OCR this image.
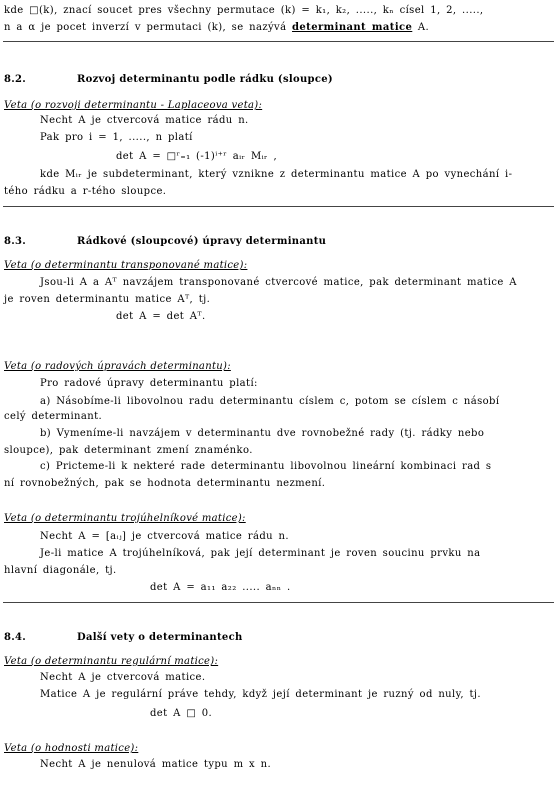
kde □(k), znací soucet pres všechny permutace (k) = k₁, k₂, ....., kₙ císel 1, 2, .....,
n a α je pocet inverzí v permutaci (k), se nazývá determinant matice A.
8.2.	Rozvoj determinantu podle rádku (sloupce)
Veta (o rozvoji determinantu - Laplaceova veta):
Necht A je ctvercová matice rádu n.
Pak pro i = 1, ....., n platí
det A = □ʳ₌₁ (-1)ⁱ⁺ʳ aᵢᵣ Mᵢᵣ ,
kde Mᵢᵣ je subdeterminant, který vznikne z determinantu matice A po vynechání i-
tého rádku a r-tého sloupce.
8.3.	Rádkové (sloupcové) úpravy determinantu
Veta (o determinantu transponované matice):
Jsou-li A a Aᵀ navzájem transponované ctvercové matice, pak determinant matice A
je roven determinantu matice Aᵀ, tj.
det A = det Aᵀ.
Veta (o radových úpravách determinantu):
Pro radové úpravy determinantu platí:
a) Násobíme-li libovolnou radu determinantu císlem c, potom se císlem c násobí
celý determinant.
b) Vymeníme-li navzájem v determinantu dve rovnobežné rady (tj. rádky nebo
sloupce), pak determinant zmení znaménko.
c) Pricteme-li k nekteré rade determinantu libovolnou lineární kombinaci rad s
ní rovnobežných, pak se hodnota determinantu nezmení.
Veta (o determinantu trojúhelníkové matice):
Necht A = [aᵢⱼ] je ctvercová matice rádu n.
Je-li matice A trojúhelníková, pak její determinant je roven soucinu prvku na
hlavní diagonále, tj.
det A = a₁₁ a₂₂ ..... aₙₙ .
8.4.	Další vety o determinantech
Veta (o determinantu regulární matice):
Necht A je ctvercová matice.
Matice A je regulární práve tehdy, když její determinant je ruzný od nuly, tj.
det A □ 0.
Veta (o hodnosti matice):
Necht A je nenulová matice typu m x n.
